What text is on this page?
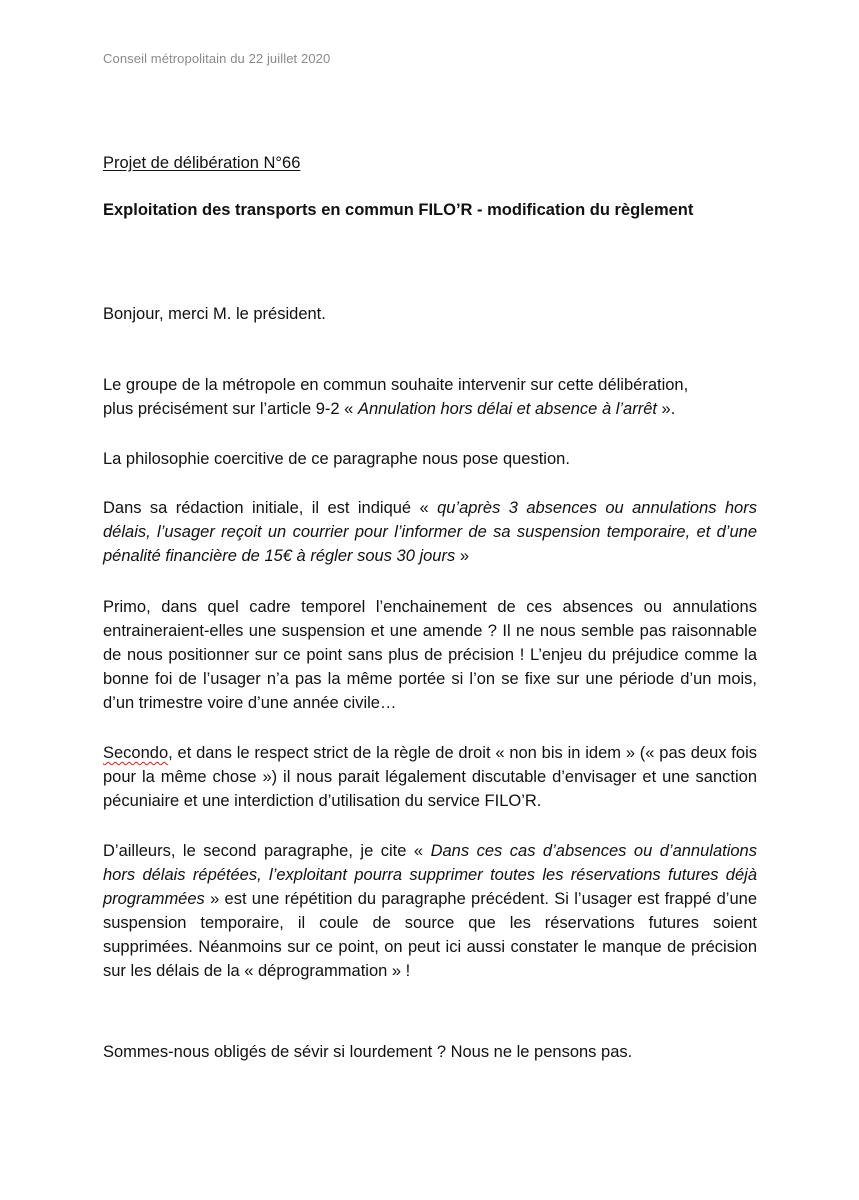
Conseil métropolitain du 22 juillet 2020
Projet de délibération N°66
Exploitation des transports en commun FILO’R - modification du règlement
Bonjour, merci M. le président.
Le groupe de la métropole en commun souhaite intervenir sur cette délibération,
plus précisément sur l’article 9-2 « Annulation hors délai et absence à l’arrêt ».
La philosophie coercitive de ce paragraphe nous pose question.
Dans sa rédaction initiale, il est indiqué « qu’après 3 absences ou annulations hors délais, l’usager reçoit un courrier pour l’informer de sa suspension temporaire, et d’une pénalité financière de 15€ à régler sous 30 jours »
Primo, dans quel cadre temporel l’enchainement de ces absences ou annulations entraineraient-elles une suspension et une amende ? Il ne nous semble pas raisonnable de nous positionner sur ce point sans plus de précision ! L’enjeu du préjudice comme la bonne foi de l’usager n’a pas la même portée si l’on se fixe sur une période d’un mois, d’un trimestre voire d’une année civile…
Secondo, et dans le respect strict de la règle de droit « non bis in idem » (« pas deux fois pour la même chose ») il nous parait légalement discutable d’envisager et une sanction pécuniaire et une interdiction d’utilisation du service FILO’R.
D’ailleurs, le second paragraphe, je cite « Dans ces cas d’absences ou d’annulations hors délais répétées, l’exploitant pourra supprimer toutes les réservations futures déjà programmées » est une répétition du paragraphe précédent. Si l’usager est frappé d’une suspension temporaire, il coule de source que les réservations futures soient supprimées. Néanmoins sur ce point, on peut ici aussi constater le manque de précision sur les délais de la « déprogrammation » !
Sommes-nous obligés de sévir si lourdement ? Nous ne le pensons pas.
